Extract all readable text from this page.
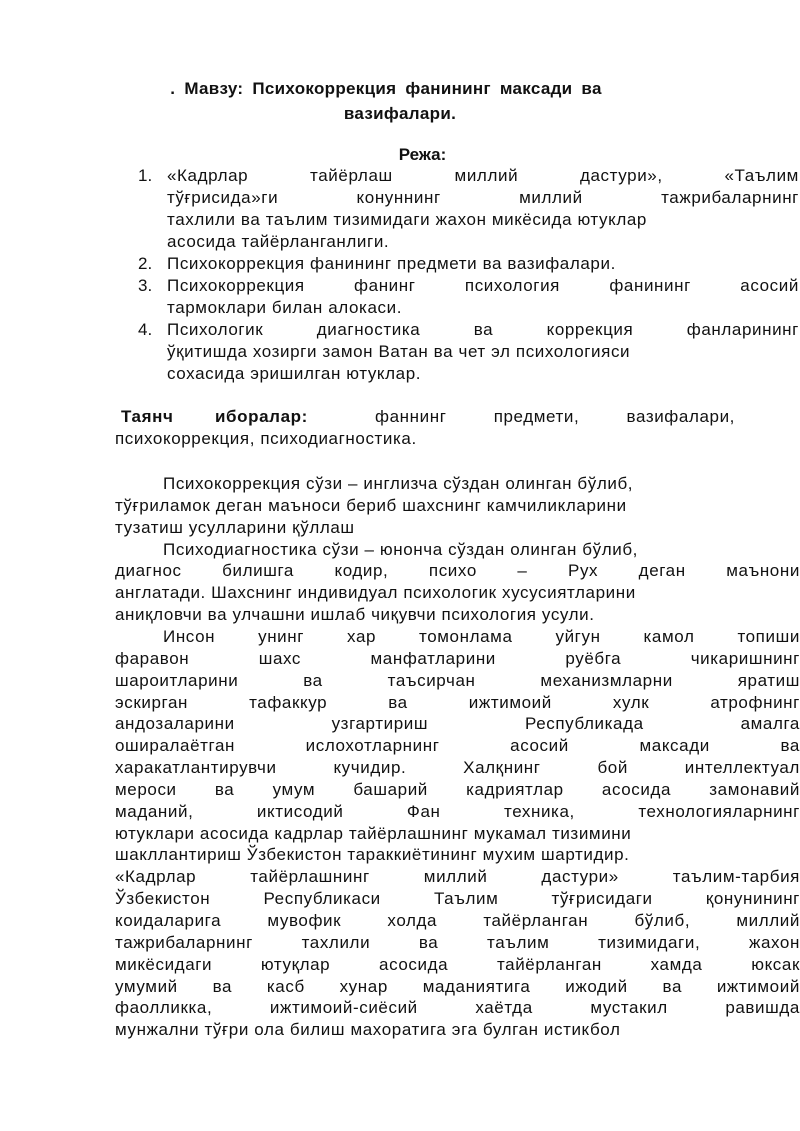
. Мавзу: Психокоррекция фанининг максади ва
вазифалари.
Режа:
1. «Кадрлар	тайёрлаш	миллий	дастури»,	«Таълим
тўғрисида»ги	конуннинг	миллий	тажрибаларнинг
тахлили ва таълим тизимидаги жахон микёсида ютуклар
асосида тайёрланганлиги.
2. Психокоррекция фанининг предмети ва вазифалари.
3. Психокоррекция	фанинг	психология	фанининг	асосий
тармоклари билан алокаси.
4. Психологик	диагностика	ва	коррекция	фанларининг
ўқитишда хозирги замон Ватан ва чет эл психологияси
сохасида эришилган ютуклар.
Таянч иборалар:	фаннинг	предмети,	вазифалари,
психокоррекция, психодиагностика.
Психокоррекция сўзи – инглизча сўздан олинган бўлиб,
тўғриламок деган маъноси бериб шахснинг камчиликларини
тузатиш усулларини қўллаш
Психодиагностика сўзи – юнонча сўздан олинган бўлиб,
диагнос билишга кодир, психо – Рух деган маънони
англатади. Шахснинг индивидуал психологик хусусиятларини
аниқловчи ва улчашни ишлаб чиқувчи психология усули.
Инсон	унинг	хар	томонлама	уйгун	камол	топиши
фаравон	шахс	манфатларини	руёбга	чикаришнинг
шароитларини	ва	таъсирчан	механизмларни	яратиш
эскирган	тафаккур	ва	ижтимоий	хулк	атрофнинг
андозаларини	узгартириш	Республикада	амалга
оширалаётган	ислохотларнинг	асосий	максади	ва
харакатлантирувчи	кучидир.	Халқнинг	бой	интеллектуал
мероси ва умум башарий кадриятлар асосида замонавий
маданий,	иктисодий	Фан	техника,	технологияларнинг
ютуклари асосида кадрлар тайёрлашнинг мукамал тизимини
шакллантириш Ўзбекистон тараккиётининг мухим шартидир.
«Кадрлар	тайёрлашнинг	миллий	дастури»	таълим-тарбия
Ўзбекистон	Республикаси	Таълим	тўғрисидаги	қонунининг
коидаларига	мувофик	холда	тайёрланган	бўлиб,	миллий
тажрибаларнинг	тахлили	ва	таълим	тизимидаги,	жахон
микёсидаги	ютуқлар	асосида	тайёрланган	хамда	юксак
умумий ва касб хунар маданиятига ижодий ва ижтимоий
фаолликка,	ижтимоий-сиёсий	хаётда	мустакил	равишда
мунжални тўғри ола билиш махоратига эга булган истикбол
